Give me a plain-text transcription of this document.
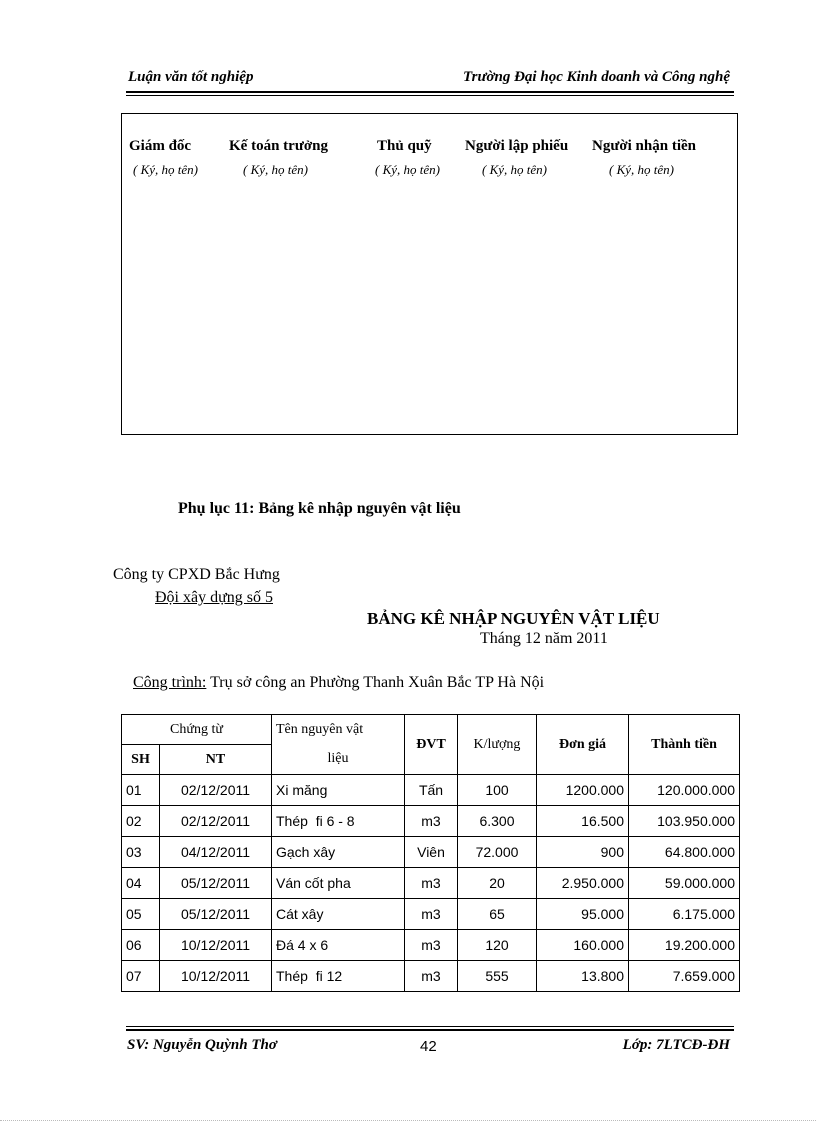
Luận văn tốt nghiệp	Trường Đại học Kinh doanh và Công nghệ
Giám đốc
( Ký, họ tên)
Kế toán trưởng
( Ký, họ tên)
Thủ quỹ
( Ký, họ tên)
Người lập phiếu
( Ký, họ tên)
Người nhận tiền
( Ký, họ tên)
Phụ lục 11: Bảng kê nhập nguyên vật liệu
Công ty CPXD Bắc Hưng
Đội xây dựng số 5
BẢNG KÊ NHẬP NGUYÊN VẬT LIỆU
Tháng 12 năm 2011
Công trình: Trụ sở công an Phường Thanh Xuân Bắc TP Hà Nội
Chứng từ		Tên nguyên vật	ĐVT	K/lượng	Đơn giá	Thành tiền
SH	NT	liệu				
01	02/12/2011	Xi măng	Tấn	100	1200.000	120.000.000
02	02/12/2011	Thép  fi 6 - 8	m3	6.300	16.500	103.950.000
03	04/12/2011	Gạch xây	Viên	72.000	900	64.800.000
04	05/12/2011	Ván cốt pha	m3	20	2.950.000	59.000.000
05	05/12/2011	Cát xây	m3	65	95.000	6.175.000
06	10/12/2011	Đá 4 x 6	m3	120	160.000	19.200.000
07	10/12/2011	Thép  fi 12	m3	555	13.800	7.659.000
SV: Nguyễn Quỳnh Thơ	42	Lớp: 7LTCĐ-ĐH
